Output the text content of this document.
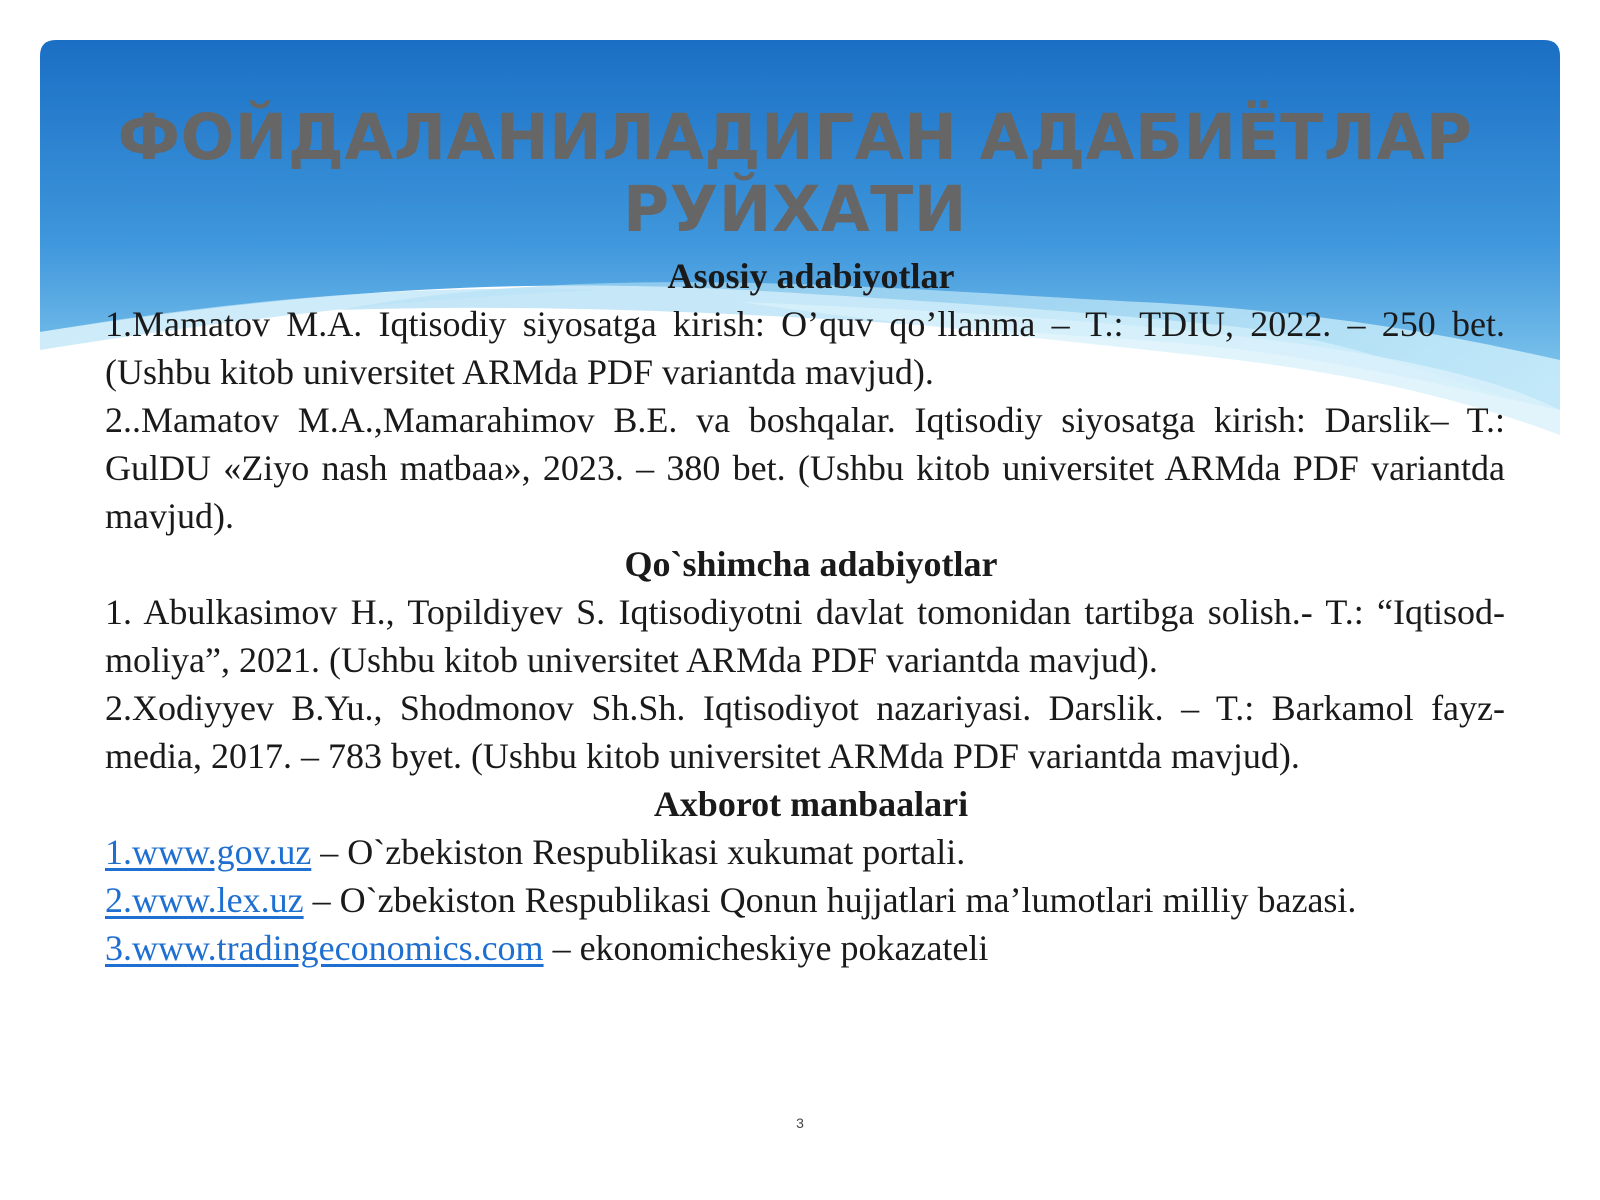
ФОЙДАЛАНИЛАДИГАН АДАБИЁТЛАР
РУЙХАТИ

Asosiy adabiyotlar

1.Mamatov M.A. Iqtisodiy siyosatga kirish: O’quv qo’llanma – T.: TDIU, 2022. – 250 bet. (Ushbu kitob universitet ARMda PDF variantda mavjud).

2..Mamatov M.A.,Mamarahimov B.E. va boshqalar. Iqtisodiy siyosatga kirish: Darslik– T.: GulDU «Ziyo nash matbaa», 2023. – 380 bet. (Ushbu kitob universitet ARMda PDF variantda mavjud).

Qo`shimcha adabiyotlar

1. Abulkasimov H., Topildiyev S. Iqtisodiyotni davlat tomonidan tartibga solish.- T.: “Iqtisod-moliya”, 2021. (Ushbu kitob universitet ARMda PDF variantda mavjud).

2.Xodiyyev B.Yu., Shodmonov Sh.Sh. Iqtisodiyot nazariyasi. Darslik. – T.: Barkamol fayz- media, 2017. – 783 byet. (Ushbu kitob universitet ARMda PDF variantda mavjud).

Axborot manbaalari

1.www.gov.uz – O`zbekiston Respublikasi xukumat portali.

2.www.lex.uz – O`zbekiston Respublikasi Qonun hujjatlari ma’lumotlari milliy bazasi.

3.www.tradingeconomics.com – ekonomicheskiye pokazateli

3
